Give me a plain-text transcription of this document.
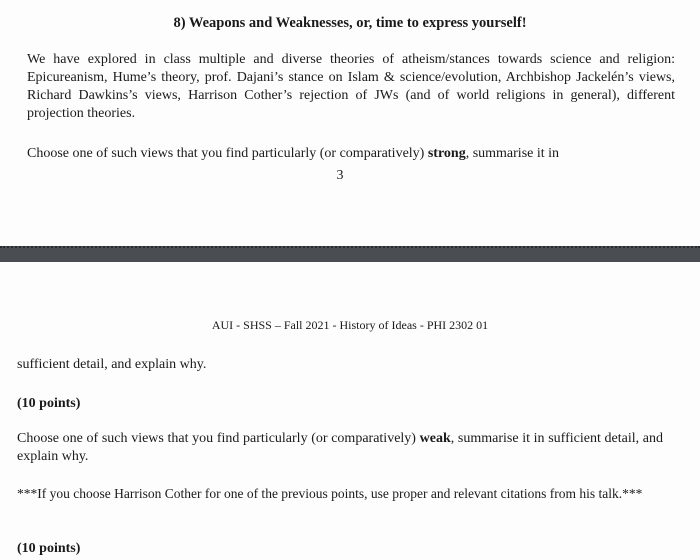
8) Weapons and Weaknesses, or, time to express yourself!
We have explored in class multiple and diverse theories of atheism/stances towards science and religion: Epicureanism, Hume’s theory, prof. Dajani’s stance on Islam & science/evolution, Archbishop Jackelén’s views, Richard Dawkins’s views, Harrison Cother’s rejection of JWs (and of world religions in general), different projection theories.
Choose one of such views that you find particularly (or comparatively) strong, summarise it in
3
AUI - SHSS – Fall 2021 - History of Ideas - PHI 2302 01
sufficient detail, and explain why.
(10 points)
Choose one of such views that you find particularly (or comparatively) weak, summarise it in sufficient detail, and explain why.
***If you choose Harrison Cother for one of the previous points, use proper and relevant citations from his talk.***
(10 points)
